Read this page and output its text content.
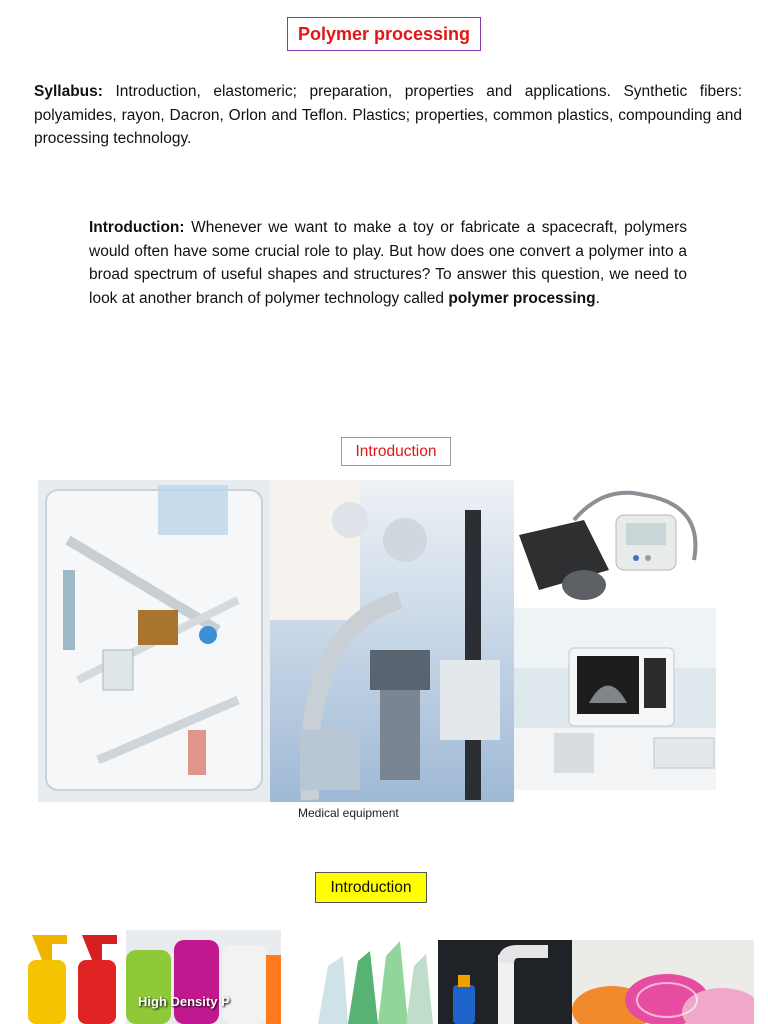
Polymer processing

Syllabus: Introduction, elastomeric; preparation, properties and applications. Synthetic fibers: polyamides, rayon, Dacron, Orlon and Teflon. Plastics; properties, common plastics, compounding and processing technology.

Introduction: Whenever we want to make a toy or fabricate a spacecraft, polymers would often have some crucial role to play. But how does one convert a polymer into a broad spectrum of useful shapes and structures? To answer this question, we need to look at another branch of polymer technology called polymer processing.

Introduction
Medical equipment
Introduction
High Density P
